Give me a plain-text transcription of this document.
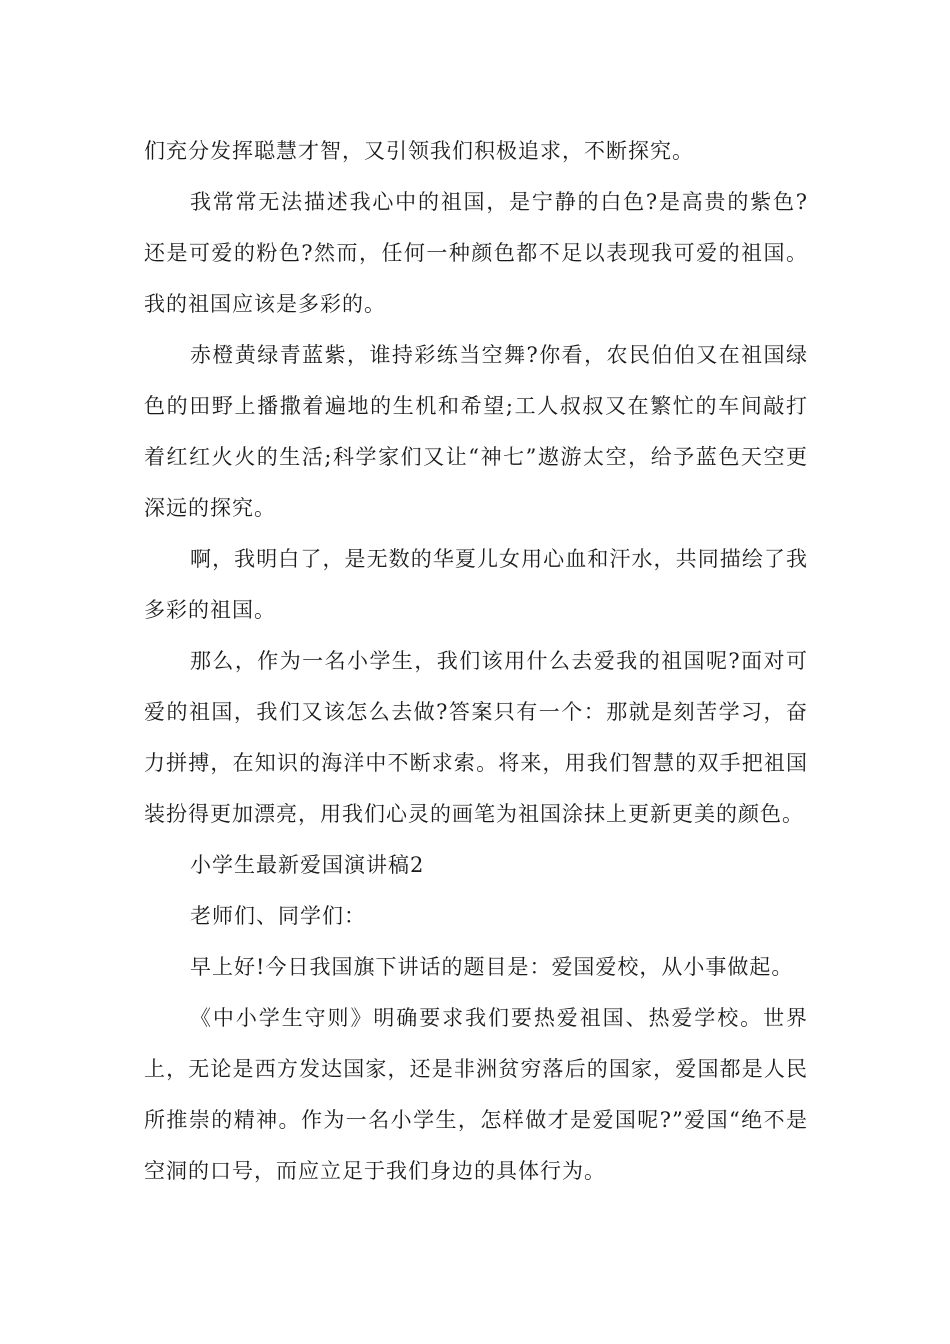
们充分发挥聪慧才智，又引领我们积极追求，不断探究。

我常常无法描述我心中的祖国，是宁静的白色?是高贵的紫色?还是可爱的粉色?然而，任何一种颜色都不足以表现我可爱的祖国。我的祖国应该是多彩的。

赤橙黄绿青蓝紫，谁持彩练当空舞?你看，农民伯伯又在祖国绿色的田野上播撒着遍地的生机和希望;工人叔叔又在繁忙的车间敲打着红红火火的生活;科学家们又让“神七”遨游太空，给予蓝色天空更深远的探究。

啊，我明白了，是无数的华夏儿女用心血和汗水，共同描绘了我多彩的祖国。

那么，作为一名小学生，我们该用什么去爱我的祖国呢?面对可爱的祖国，我们又该怎么去做?答案只有一个：那就是刻苦学习，奋力拼搏，在知识的海洋中不断求索。将来，用我们智慧的双手把祖国装扮得更加漂亮，用我们心灵的画笔为祖国涂抹上更新更美的颜色。

小学生最新爱国演讲稿2

老师们、同学们：

早上好!今日我国旗下讲话的题目是：爱国爱校，从小事做起。

《中小学生守则》明确要求我们要热爱祖国、热爱学校。世界上，无论是西方发达国家，还是非洲贫穷落后的国家，爱国都是人民所推崇的精神。作为一名小学生，怎样做才是爱国呢?”爱国“绝不是空洞的口号，而应立足于我们身边的具体行为。
